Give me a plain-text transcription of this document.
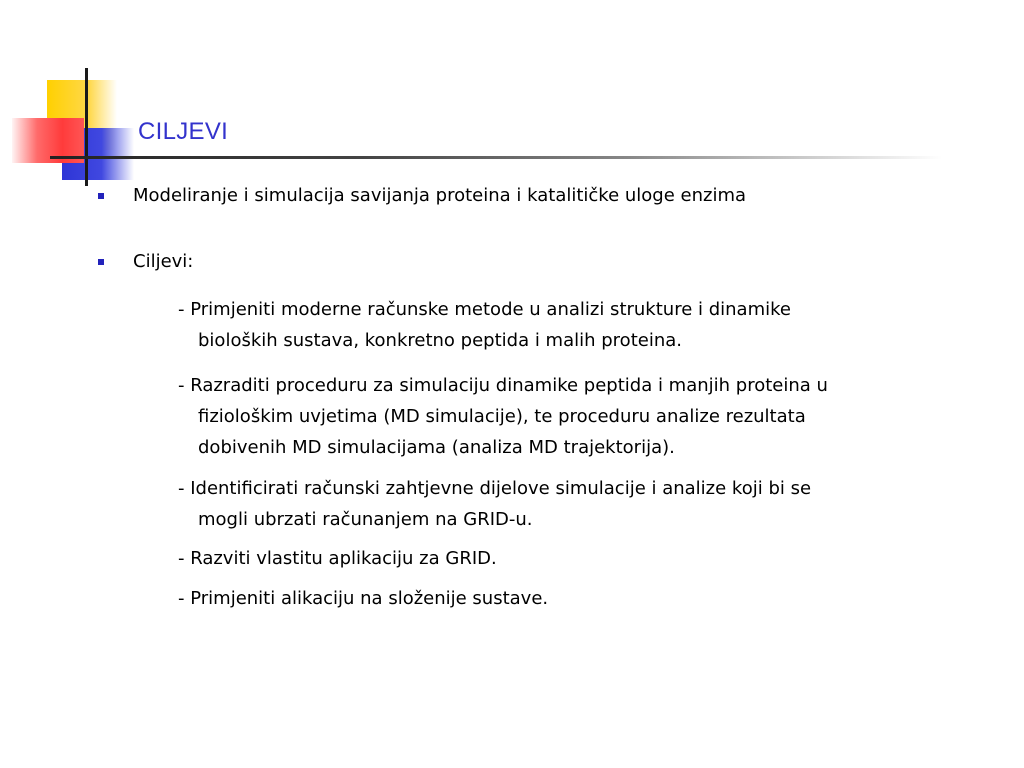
CILJEVI
Modeliranje i simulacija savijanja proteina i katalitičke uloge enzima
Ciljevi:
- Primjeniti moderne računske metode u analizi strukture i dinamike
bioloških sustava, konkretno peptida i malih proteina.
- Razraditi proceduru za simulaciju dinamike peptida i manjih proteina u
fiziološkim uvjetima (MD simulacije), te proceduru analize rezultata
dobivenih MD simulacijama (analiza MD trajektorija).
- Identificirati računski zahtjevne dijelove simulacije i analize koji bi se
mogli ubrzati računanjem na GRID-u.
- Razviti vlastitu aplikaciju za GRID.
- Primjeniti alikaciju na složenije sustave.
